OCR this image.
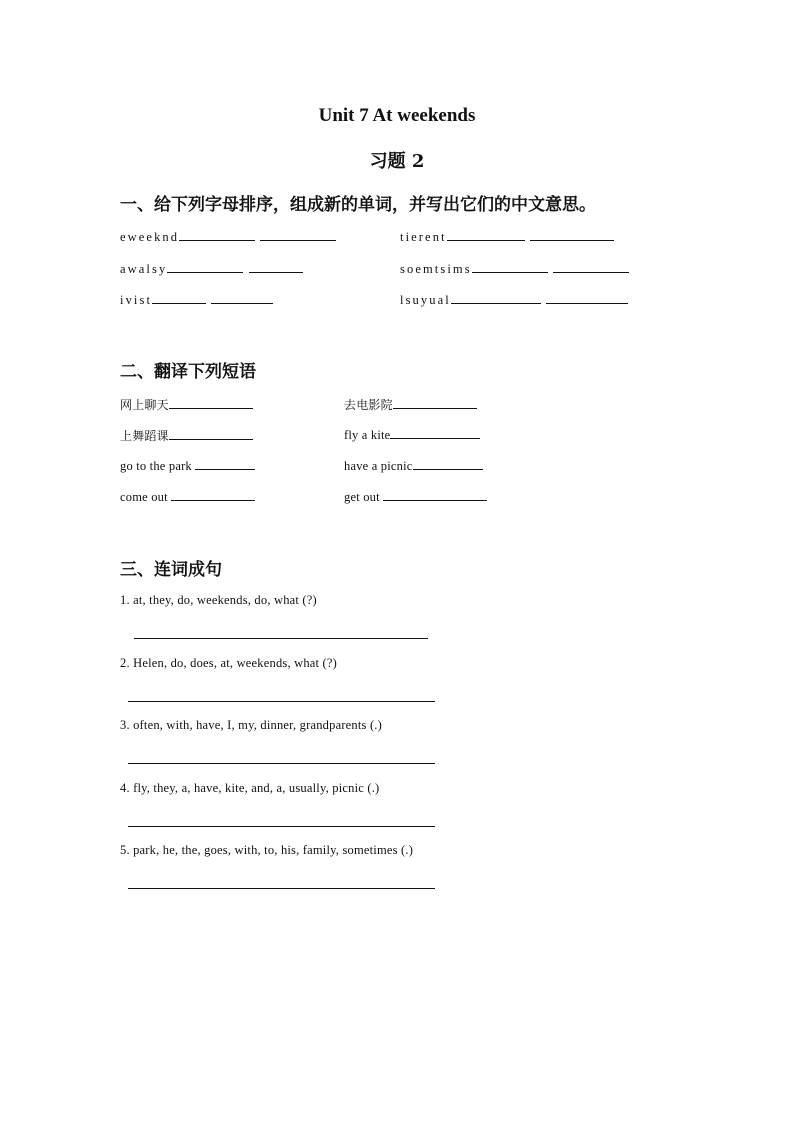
Unit 7 At weekends
习题 2
一、给下列字母排序，组成新的单词，并写出它们的中文意思。
eweeknd	tierent
awalsy	soemtsims
ivist	lsuyual
二、翻译下列短语
网上聊天	去电影院
上舞蹈课	fly a kite
go to the park	have a picnic
come out	get out
三、连词成句
1. at, they, do, weekends, do, what (?)
2. Helen, do, does, at, weekends, what (?)
3. often, with, have, I, my, dinner, grandparents (.)
4. fly, they, a, have, kite, and, a, usually, picnic (.)
5. park, he, the, goes, with, to, his, family, sometimes (.)
